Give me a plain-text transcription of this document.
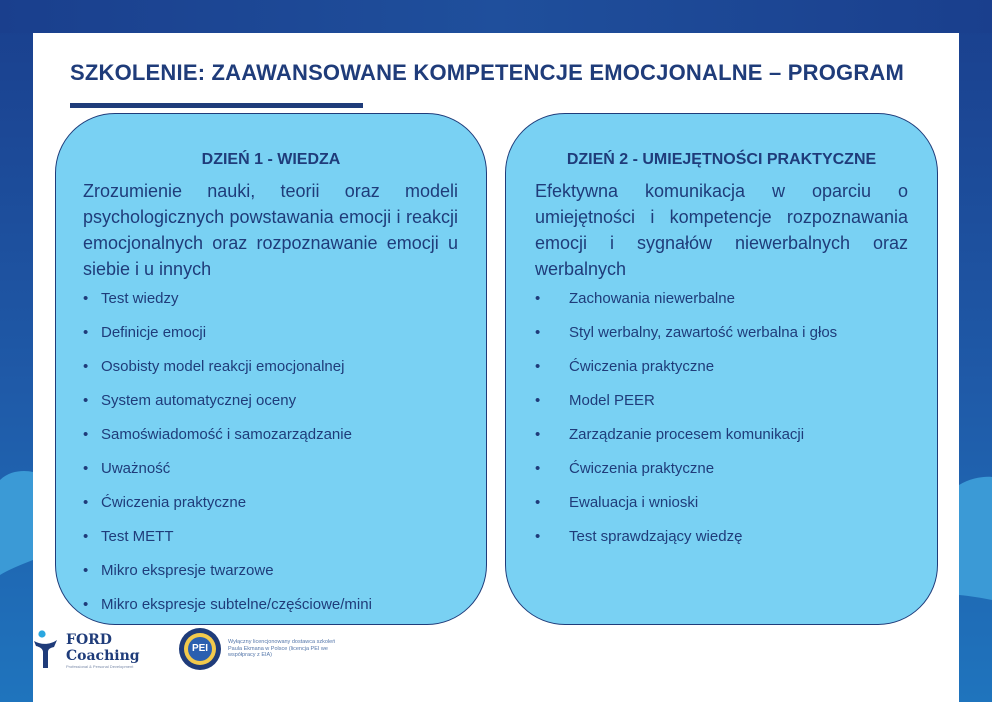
SZKOLENIE: ZAAWANSOWANE KOMPETENCJE EMOCJONALNE – PROGRAM
DZIEŃ 1 - WIEDZA
Zrozumienie nauki, teorii oraz modeli psychologicznych powstawania emocji i reakcji emocjonalnych oraz rozpoznawanie emocji u siebie i u innych
• Test wiedzy
• Definicje emocji
• Osobisty model reakcji emocjonalnej
• System automatycznej oceny
• Samoświadomość i samozarządzanie
• Uważność
• Ćwiczenia praktyczne
• Test METT
• Mikro ekspresje twarzowe
• Mikro ekspresje subtelne/częściowe/mini
DZIEŃ 2 - UMIEJĘTNOŚCI PRAKTYCZNE
Efektywna komunikacja w oparciu o umiejętności i kompetencje rozpoznawania emocji i sygnałów niewerbalnych oraz werbalnych
• Zachowania niewerbalne
• Styl werbalny, zawartość werbalna i głos
• Ćwiczenia praktyczne
• Model PEER
• Zarządzanie procesem komunikacji
• Ćwiczenia praktyczne
• Ewaluacja i wnioski
• Test sprawdzający wiedzę
FORD
Coaching
Professional & Personal Development
PEI
Wyłączny licencjonowany dostawca szkoleń Paula Ekmana w Polsce (licencja PEI we współpracy z EIA)
